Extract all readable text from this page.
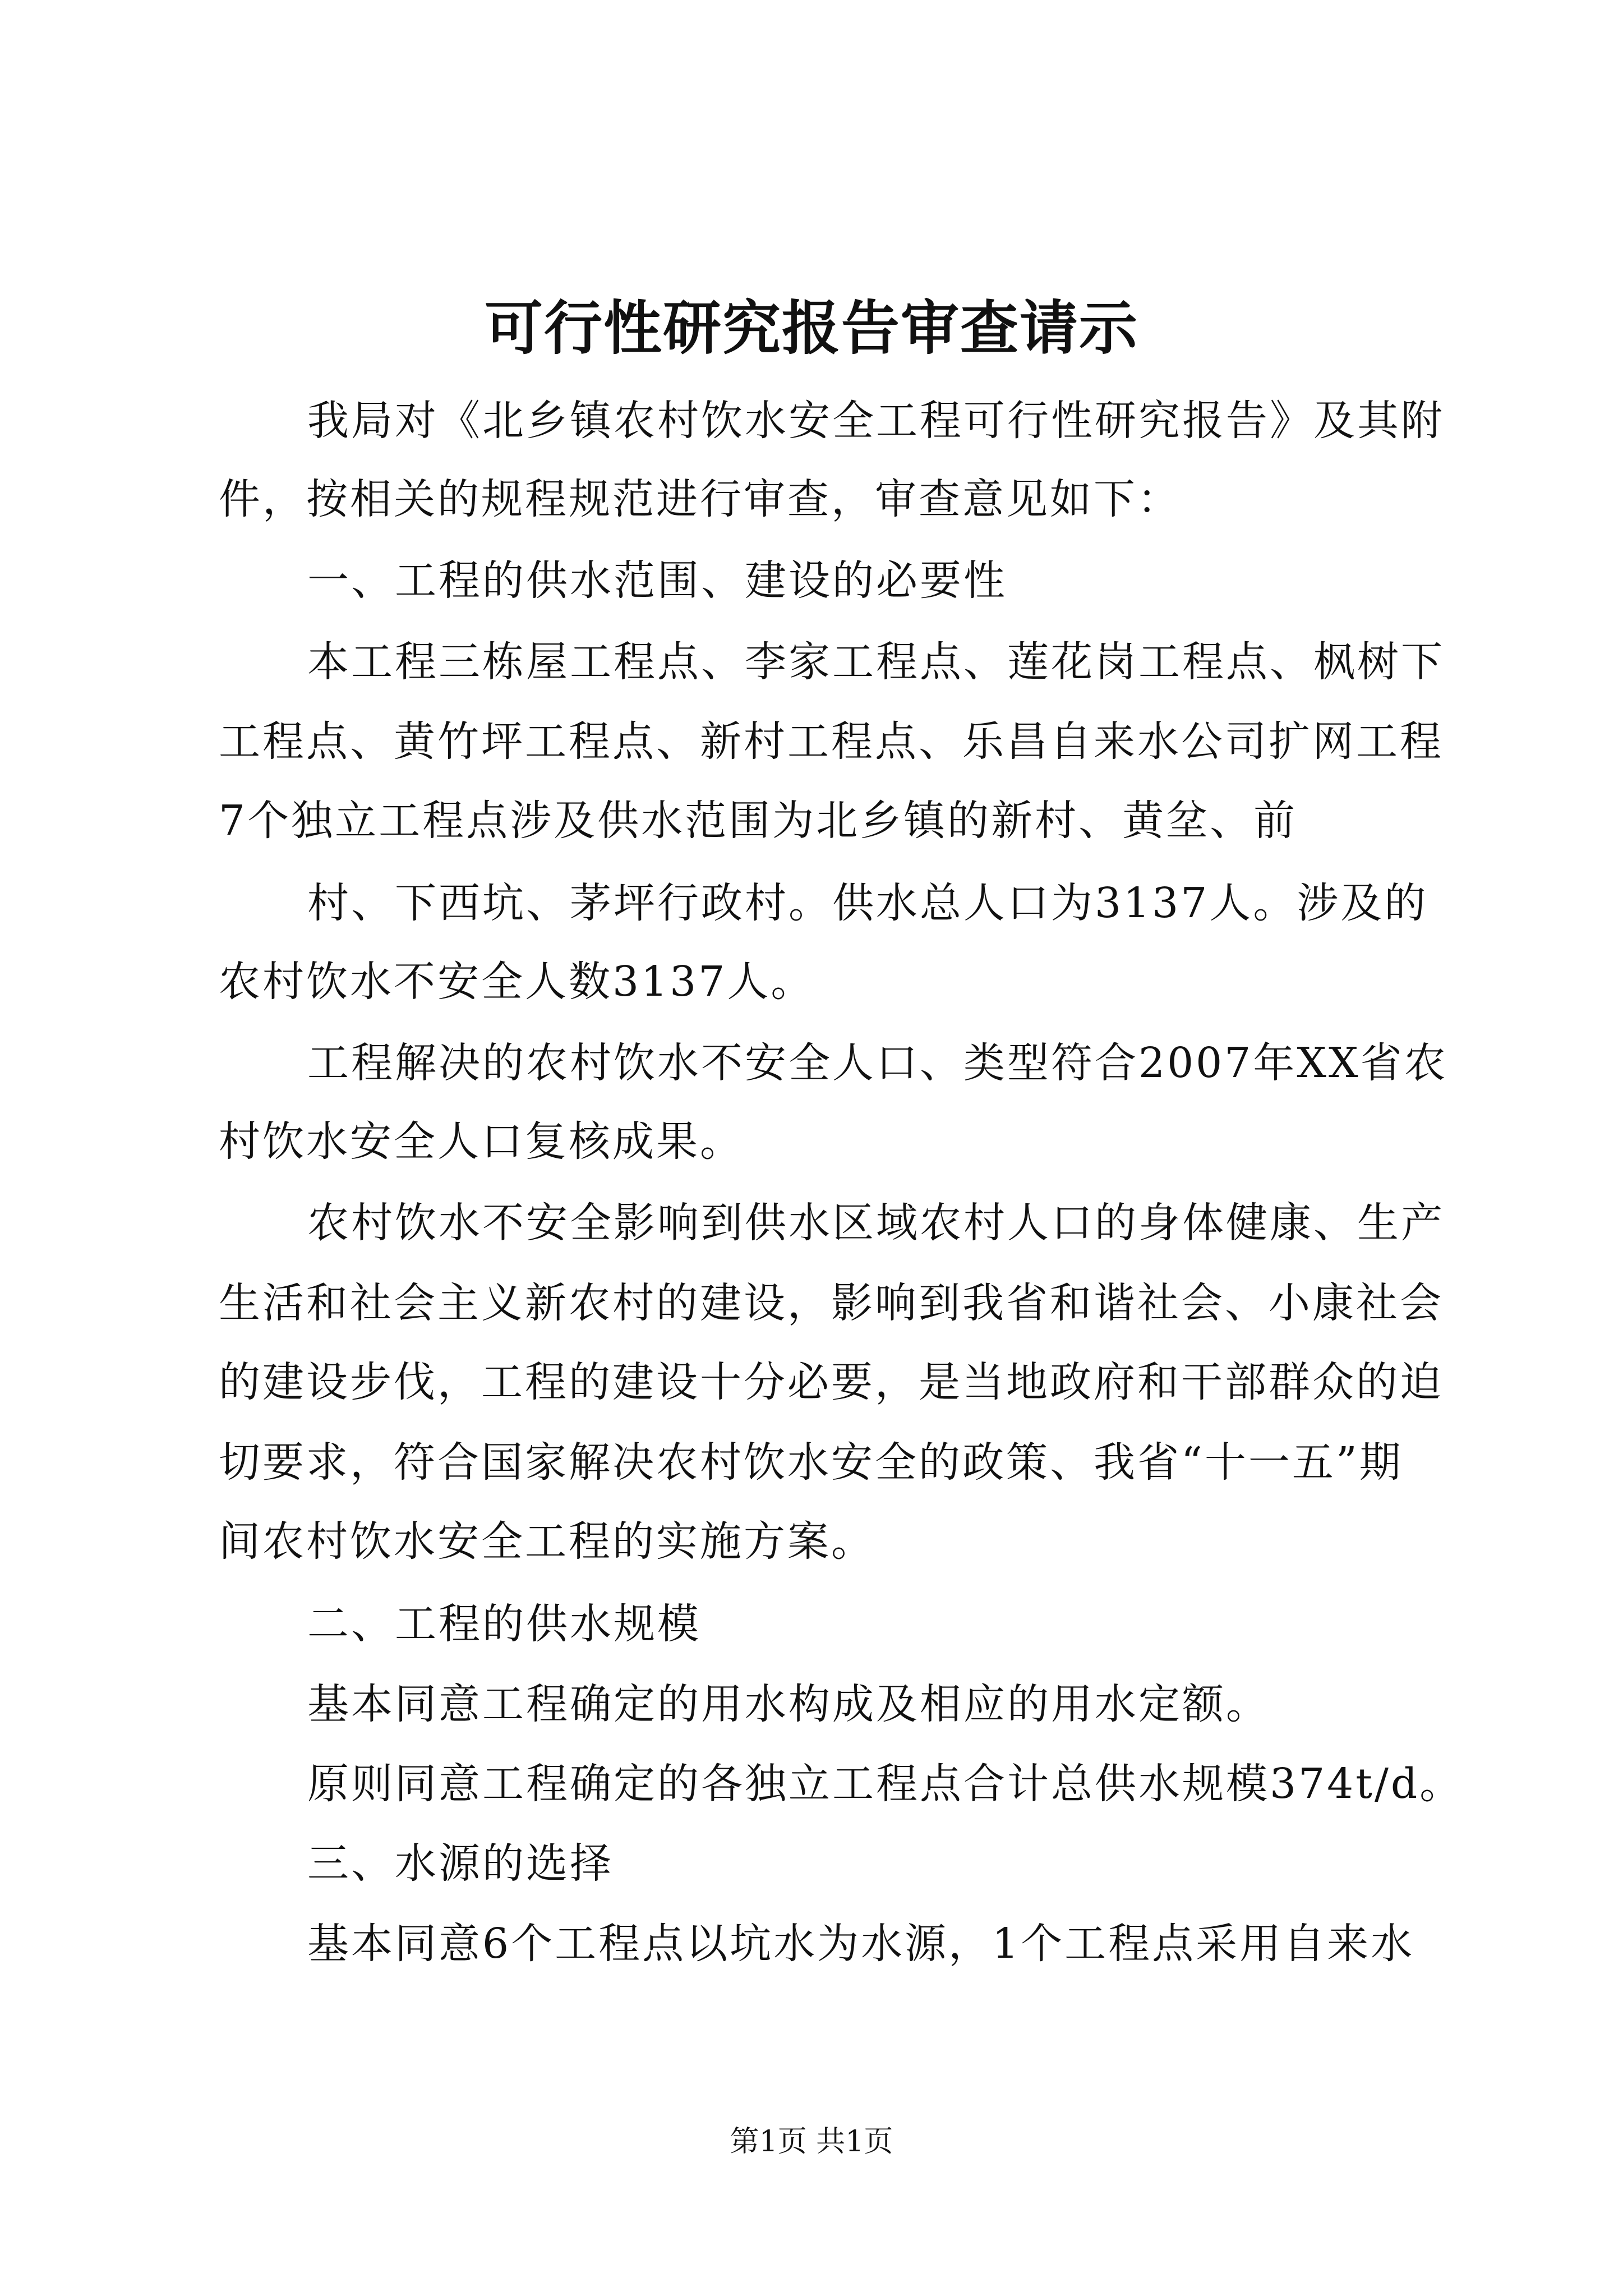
可行性研究报告审查请示
我局对《北乡镇农村饮水安全工程可行性研究报告》及其附
件，按相关的规程规范进行审查，审查意见如下：
一、工程的供水范围、建设的必要性
本工程三栋屋工程点、李家工程点、莲花岗工程点、枫树下
工程点、黄竹坪工程点、新村工程点、乐昌自来水公司扩网工程
7个独立工程点涉及供水范围为北乡镇的新村、黄坌、前
村、下西坑、茅坪行政村。供水总人口为3137人。涉及的
农村饮水不安全人数3137人。
工程解决的农村饮水不安全人口、类型符合2007年XX省农
村饮水安全人口复核成果。
农村饮水不安全影响到供水区域农村人口的身体健康、生产
生活和社会主义新农村的建设，影响到我省和谐社会、小康社会
的建设步伐，工程的建设十分必要，是当地政府和干部群众的迫
切要求，符合国家解决农村饮水安全的政策、我省“十一五”期
间农村饮水安全工程的实施方案。
二、工程的供水规模
基本同意工程确定的用水构成及相应的用水定额。
原则同意工程确定的各独立工程点合计总供水规模374t/d。
三、水源的选择
基本同意6个工程点以坑水为水源，1个工程点采用自来水
第1页 共1页
